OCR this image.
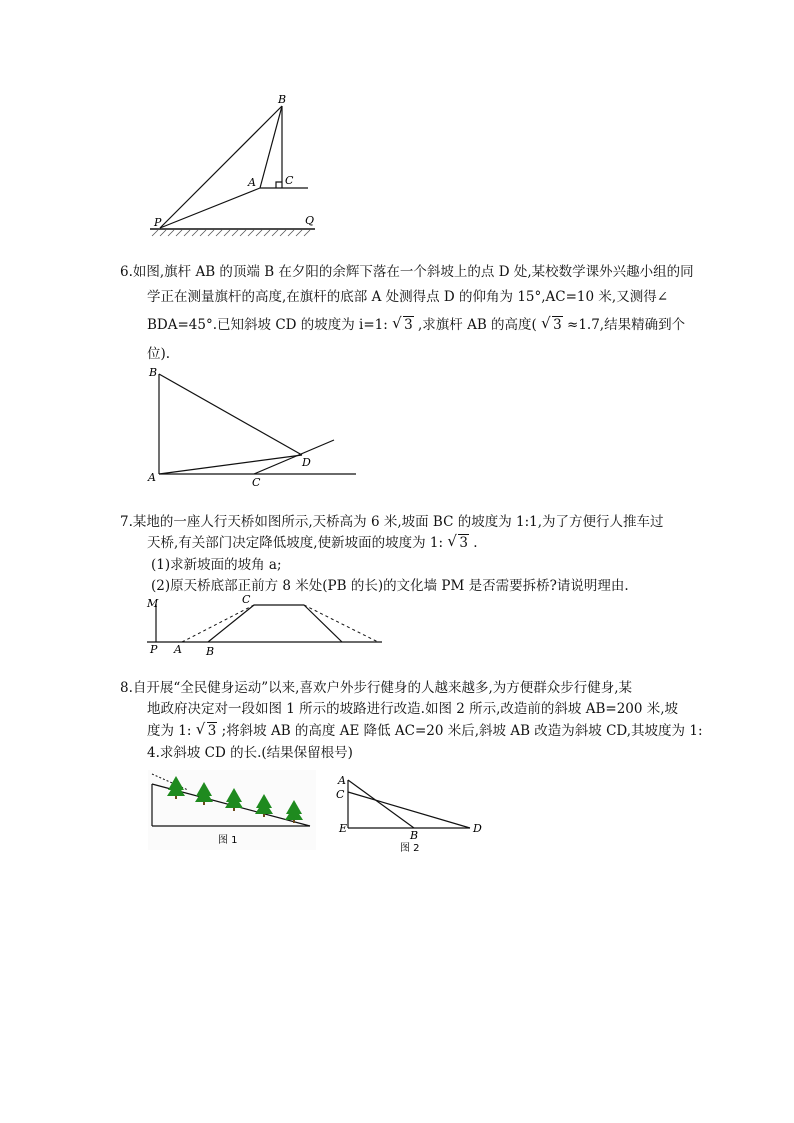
B
A	C
P	Q
6.如图,旗杆 AB 的顶端 B 在夕阳的余辉下落在一个斜坡上的点 D 处,某校数学课外兴趣小组的同
学正在测量旗杆的高度,在旗杆的底部 A 处测得点 D 的仰角为 15°,AC=10 米,又测得∠
BDA=45°.已知斜坡 CD 的坡度为 i=1: √ 3 ,求旗杆 AB 的高度( √ 3 ≈1.7,结果精确到个
位).
B
A	C
D
7.某地的一座人行天桥如图所示,天桥高为 6 米,坡面 BC 的坡度为 1:1,为了方便行人推车过
天桥,有关部门决定降低坡度,使新坡面的坡度为 1: √ 3 .
(1)求新坡面的坡角 a;
(2)原天桥底部正前方 8 米处(PB 的长)的文化墙 PM 是否需要拆桥?请说明理由.
M	C
P A B
8.自开展“全民健身运动”以来,喜欢户外步行健身的人越来越多,为方便群众步行健身,某
地政府决定对一段如图 1 所示的坡路进行改造.如图 2 所示,改造前的斜坡 AB=200 米,坡
度为 1: √ 3 ;将斜坡 AB 的高度 AE 降低 AC=20 米后,斜坡 AB 改造为斜坡 CD,其坡度为 1:
4.求斜坡 CD 的长.(结果保留根号)
图 1
A
C
E
B
D
图 2
